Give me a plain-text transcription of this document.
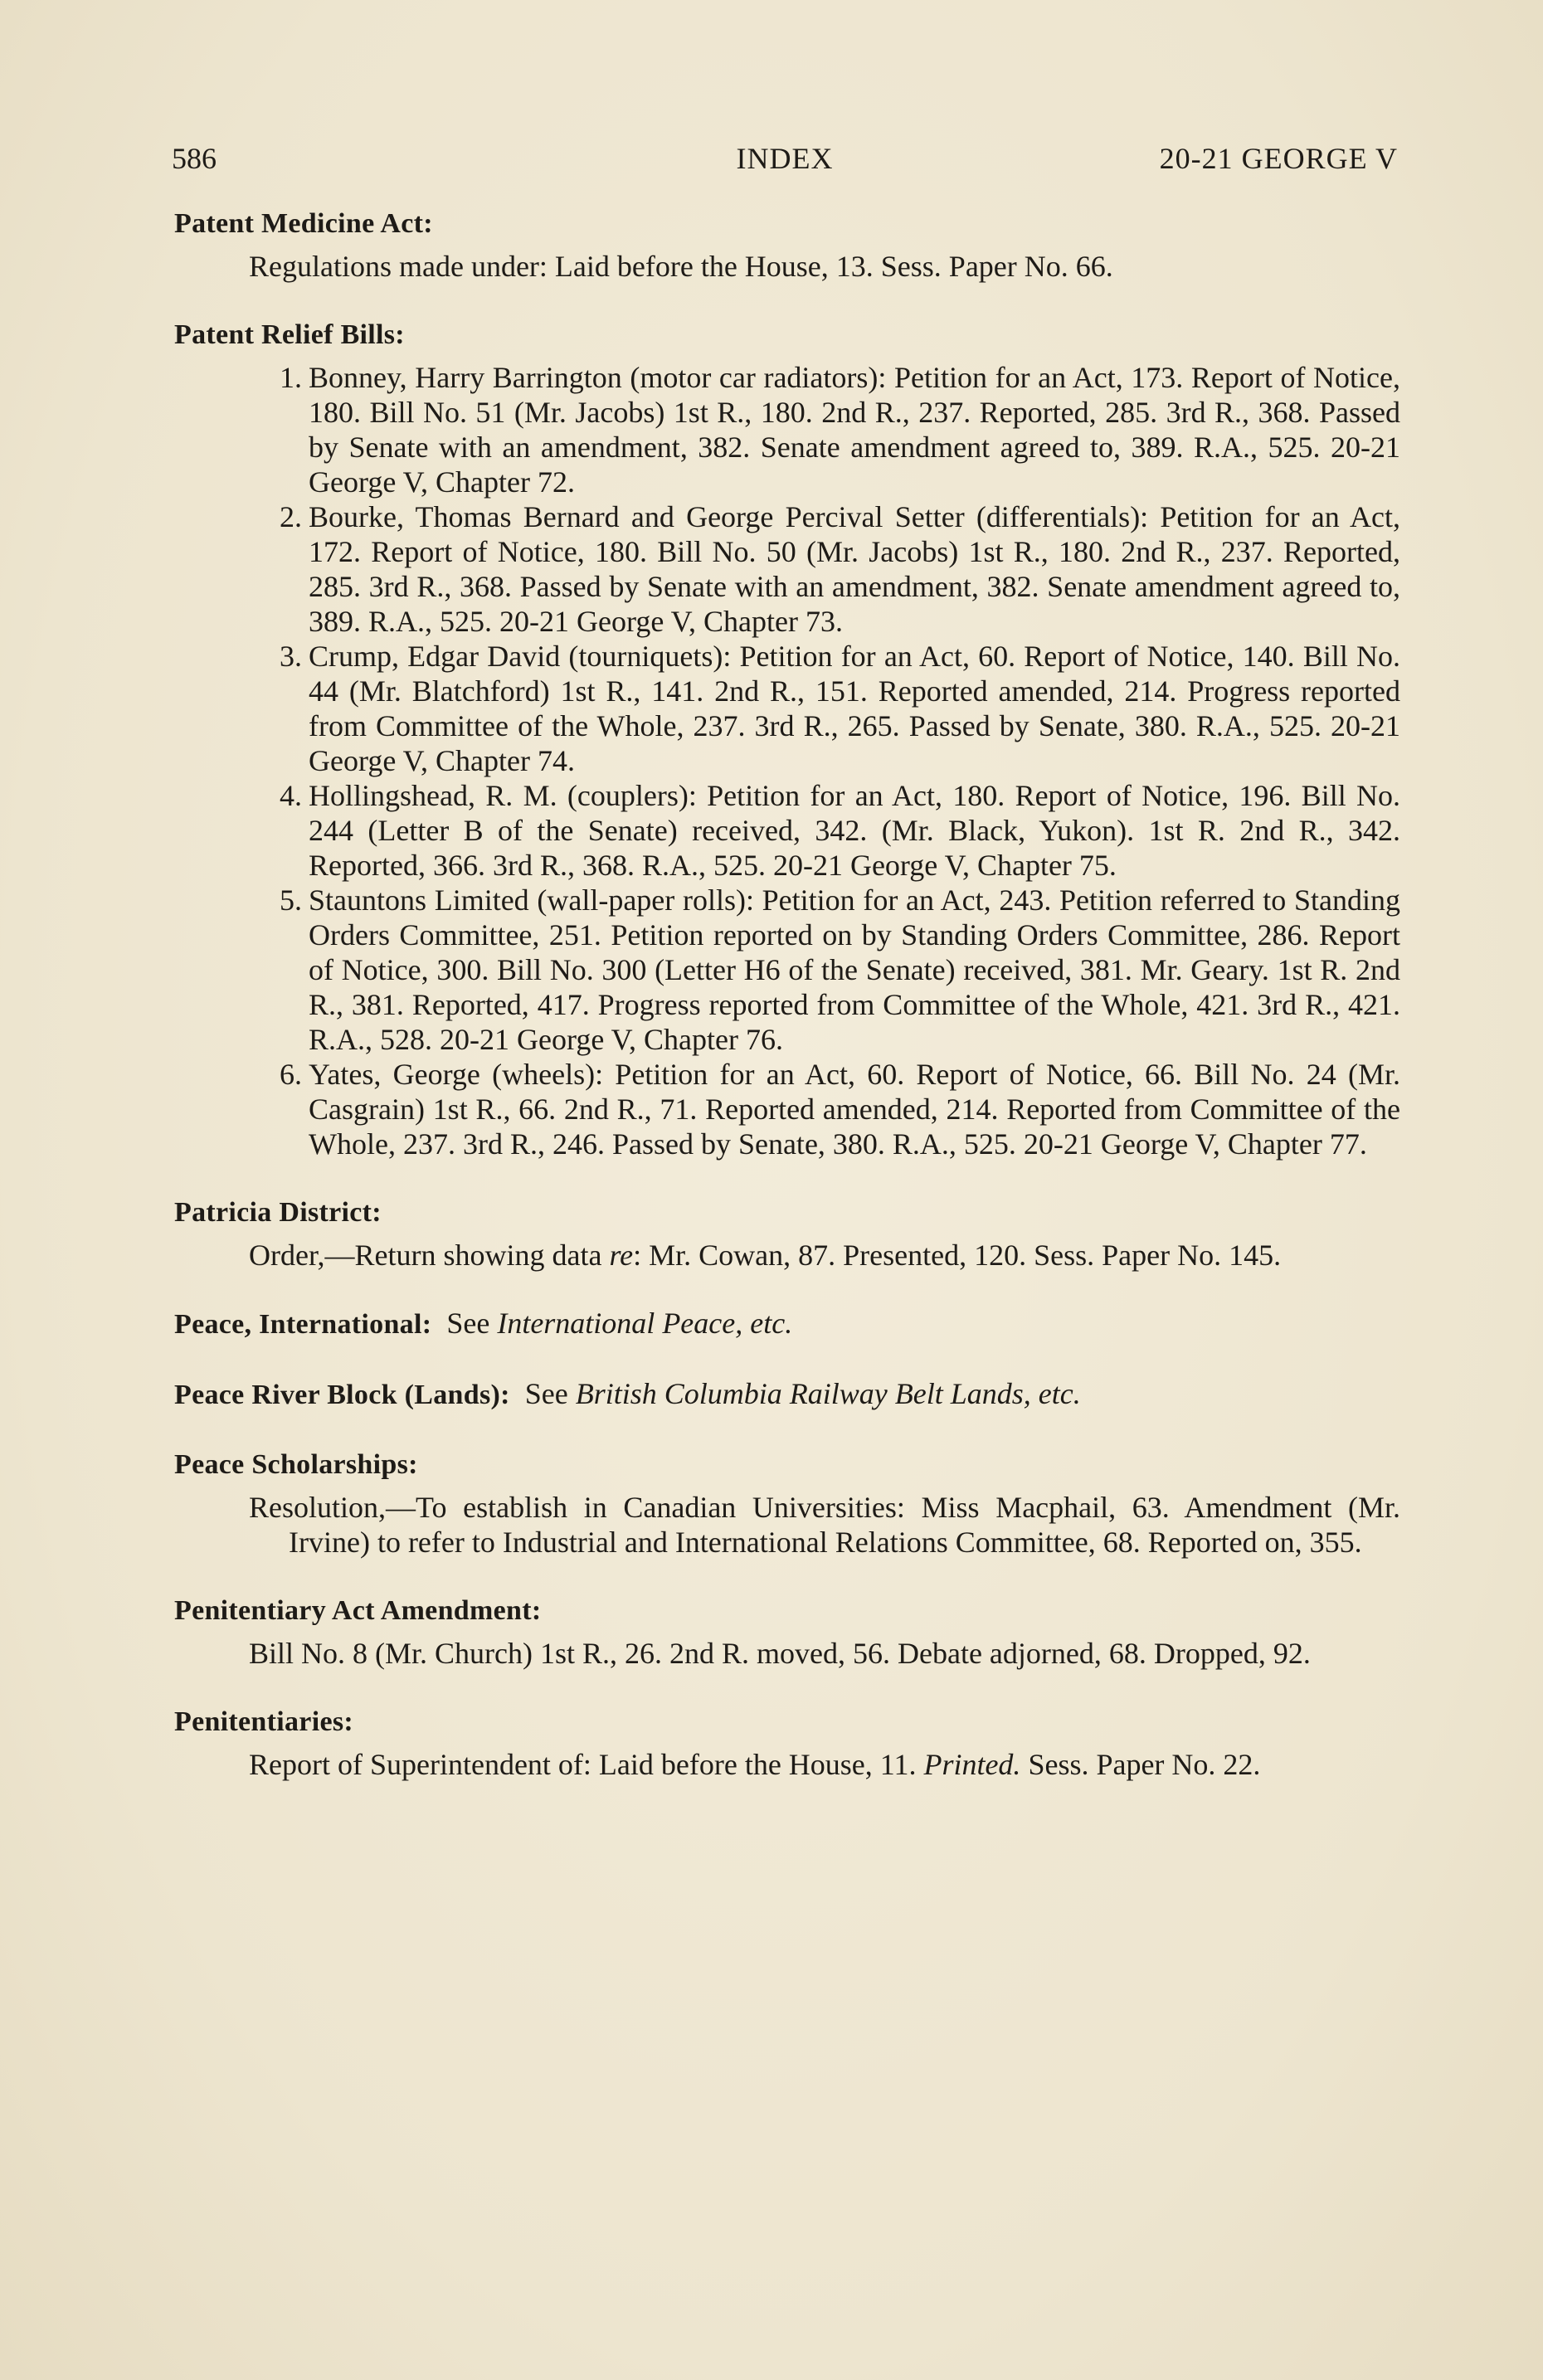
586	INDEX	20-21 GEORGE V
Patent Medicine Act:

Regulations made under: Laid before the House, 13. Sess. Paper No. 66.

Patent Relief Bills:
1. Bonney, Harry Barrington (motor car radiators): Petition for an Act, 173. Report of Notice, 180. Bill No. 51 (Mr. Jacobs) 1st R., 180. 2nd R., 237. Reported, 285. 3rd R., 368. Passed by Senate with an amendment, 382. Senate amendment agreed to, 389. R.A., 525. 20-21 George V, Chapter 72.
2. Bourke, Thomas Bernard and George Percival Setter (differentials): Petition for an Act, 172. Report of Notice, 180. Bill No. 50 (Mr. Jacobs) 1st R., 180. 2nd R., 237. Reported, 285. 3rd R., 368. Passed by Senate with an amendment, 382. Senate amendment agreed to, 389. R.A., 525. 20-21 George V, Chapter 73.
3. Crump, Edgar David (tourniquets): Petition for an Act, 60. Report of Notice, 140. Bill No. 44 (Mr. Blatchford) 1st R., 141. 2nd R., 151. Reported amended, 214. Progress reported from Committee of the Whole, 237. 3rd R., 265. Passed by Senate, 380. R.A., 525. 20-21 George V, Chapter 74.
4. Hollingshead, R. M. (couplers): Petition for an Act, 180. Report of Notice, 196. Bill No. 244 (Letter B of the Senate) received, 342. (Mr. Black, Yukon). 1st R. 2nd R., 342. Reported, 366. 3rd R., 368. R.A., 525. 20-21 George V, Chapter 75.
5. Stauntons Limited (wall-paper rolls): Petition for an Act, 243. Petition referred to Standing Orders Committee, 251. Petition reported on by Standing Orders Committee, 286. Report of Notice, 300. Bill No. 300 (Letter H6 of the Senate) received, 381. Mr. Geary. 1st R. 2nd R., 381. Reported, 417. Progress reported from Committee of the Whole, 421. 3rd R., 421. R.A., 528. 20-21 George V, Chapter 76.
6. Yates, George (wheels): Petition for an Act, 60. Report of Notice, 66. Bill No. 24 (Mr. Casgrain) 1st R., 66. 2nd R., 71. Reported amended, 214. Reported from Committee of the Whole, 237. 3rd R., 246. Passed by Senate, 380. R.A., 525. 20-21 George V, Chapter 77.
Patricia District:

Order,—Return showing data re: Mr. Cowan, 87. Presented, 120. Sess. Paper No. 145.

Peace, International: See International Peace, etc.
Peace River Block (Lands): See British Columbia Railway Belt Lands, etc.
Peace Scholarships:

Resolution,—To establish in Canadian Universities: Miss Macphail, 63. Amendment (Mr. Irvine) to refer to Industrial and International Relations Committee, 68. Reported on, 355.

Penitentiary Act Amendment:

Bill No. 8 (Mr. Church) 1st R., 26. 2nd R. moved, 56. Debate adjorned, 68. Dropped, 92.

Penitentiaries:

Report of Superintendent of: Laid before the House, 11. Printed. Sess. Paper No. 22.
